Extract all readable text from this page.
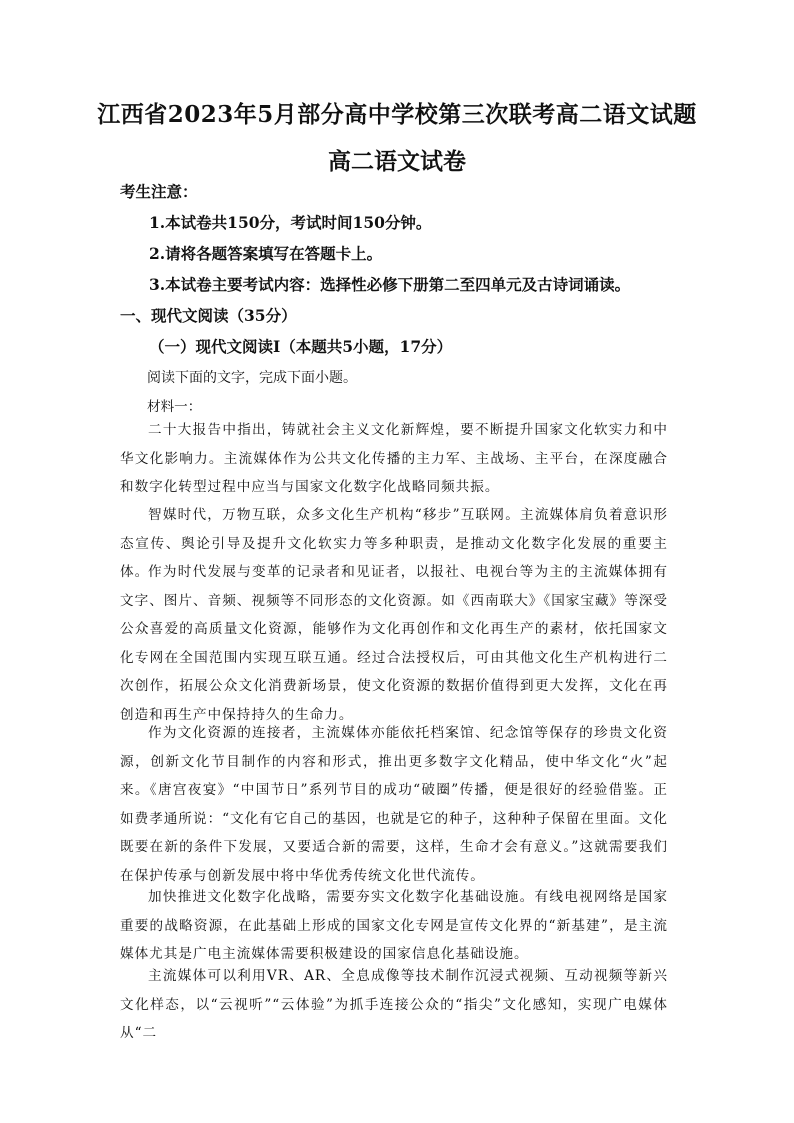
江西省2023年5月部分高中学校第三次联考高二语文试题
高二语文试卷
考生注意：
1.本试卷共150分，考试时间150分钟。
2.请将各题答案填写在答题卡上。
3.本试卷主要考试内容：选择性必修下册第二至四单元及古诗词诵读。
一、现代文阅读（35分）
（一）现代文阅读Ⅰ（本题共5小题，17分）
阅读下面的文字，完成下面小题。
材料一：

二十大报告中指出，铸就社会主义文化新辉煌，要不断提升国家文化软实力和中华文化影响力。主流媒体作为公共文化传播的主力军、主战场、主平台，在深度融合和数字化转型过程中应当与国家文化数字化战略同频共振。

智媒时代，万物互联，众多文化生产机构“移步”互联网。主流媒体肩负着意识形态宣传、舆论引导及提升文化软实力等多种职责，是推动文化数字化发展的重要主体。

作为时代发展与变革的记录者和见证者，以报社、电视台等为主的主流媒体拥有文字、图片、音频、视频等不同形态的文化资源。如《西南联大》《国家宝藏》等深受公众喜爱的高质量文化资源，能够作为文化再创作和文化再生产的素材，依托国家文化专网在全国范围内实现互联互通。经过合法授权后，可由其他文化生产机构进行二次创作，拓展公众文化消费新场景，使文化资源的数据价值得到更大发挥，文化在再创造和再生产中保持持久的生命力。

作为文化资源的连接者，主流媒体亦能依托档案馆、纪念馆等保存的珍贵文化资源，创新文化节目制作的内容和形式，推出更多数字文化精品，使中华文化“火”起来。《唐宫夜宴》“中国节日”系列节目的成功“破圈”传播，便是很好的经验借鉴。正如费孝通所说：“文化有它自己的基因，也就是它的种子，这种种子保留在里面。文化既要在新的条件下发展，又要适合新的需要，这样，生命才会有意义。”这就需要我们在保护传承与创新发展中将中华优秀传统文化世代流传。

加快推进文化数字化战略，需要夯实文化数字化基础设施。有线电视网络是国家重要的战略资源，在此基础上形成的国家文化专网是宣传文化界的“新基建”，是主流媒体尤其是广电主流媒体需要积极建设的国家信息化基础设施。

主流媒体可以利用VR、AR、全息成像等技术制作沉浸式视频、互动视频等新兴文化样态，以“云视听”“云体验”为抓手连接公众的“指尖”文化感知，实现广电媒体从“二
